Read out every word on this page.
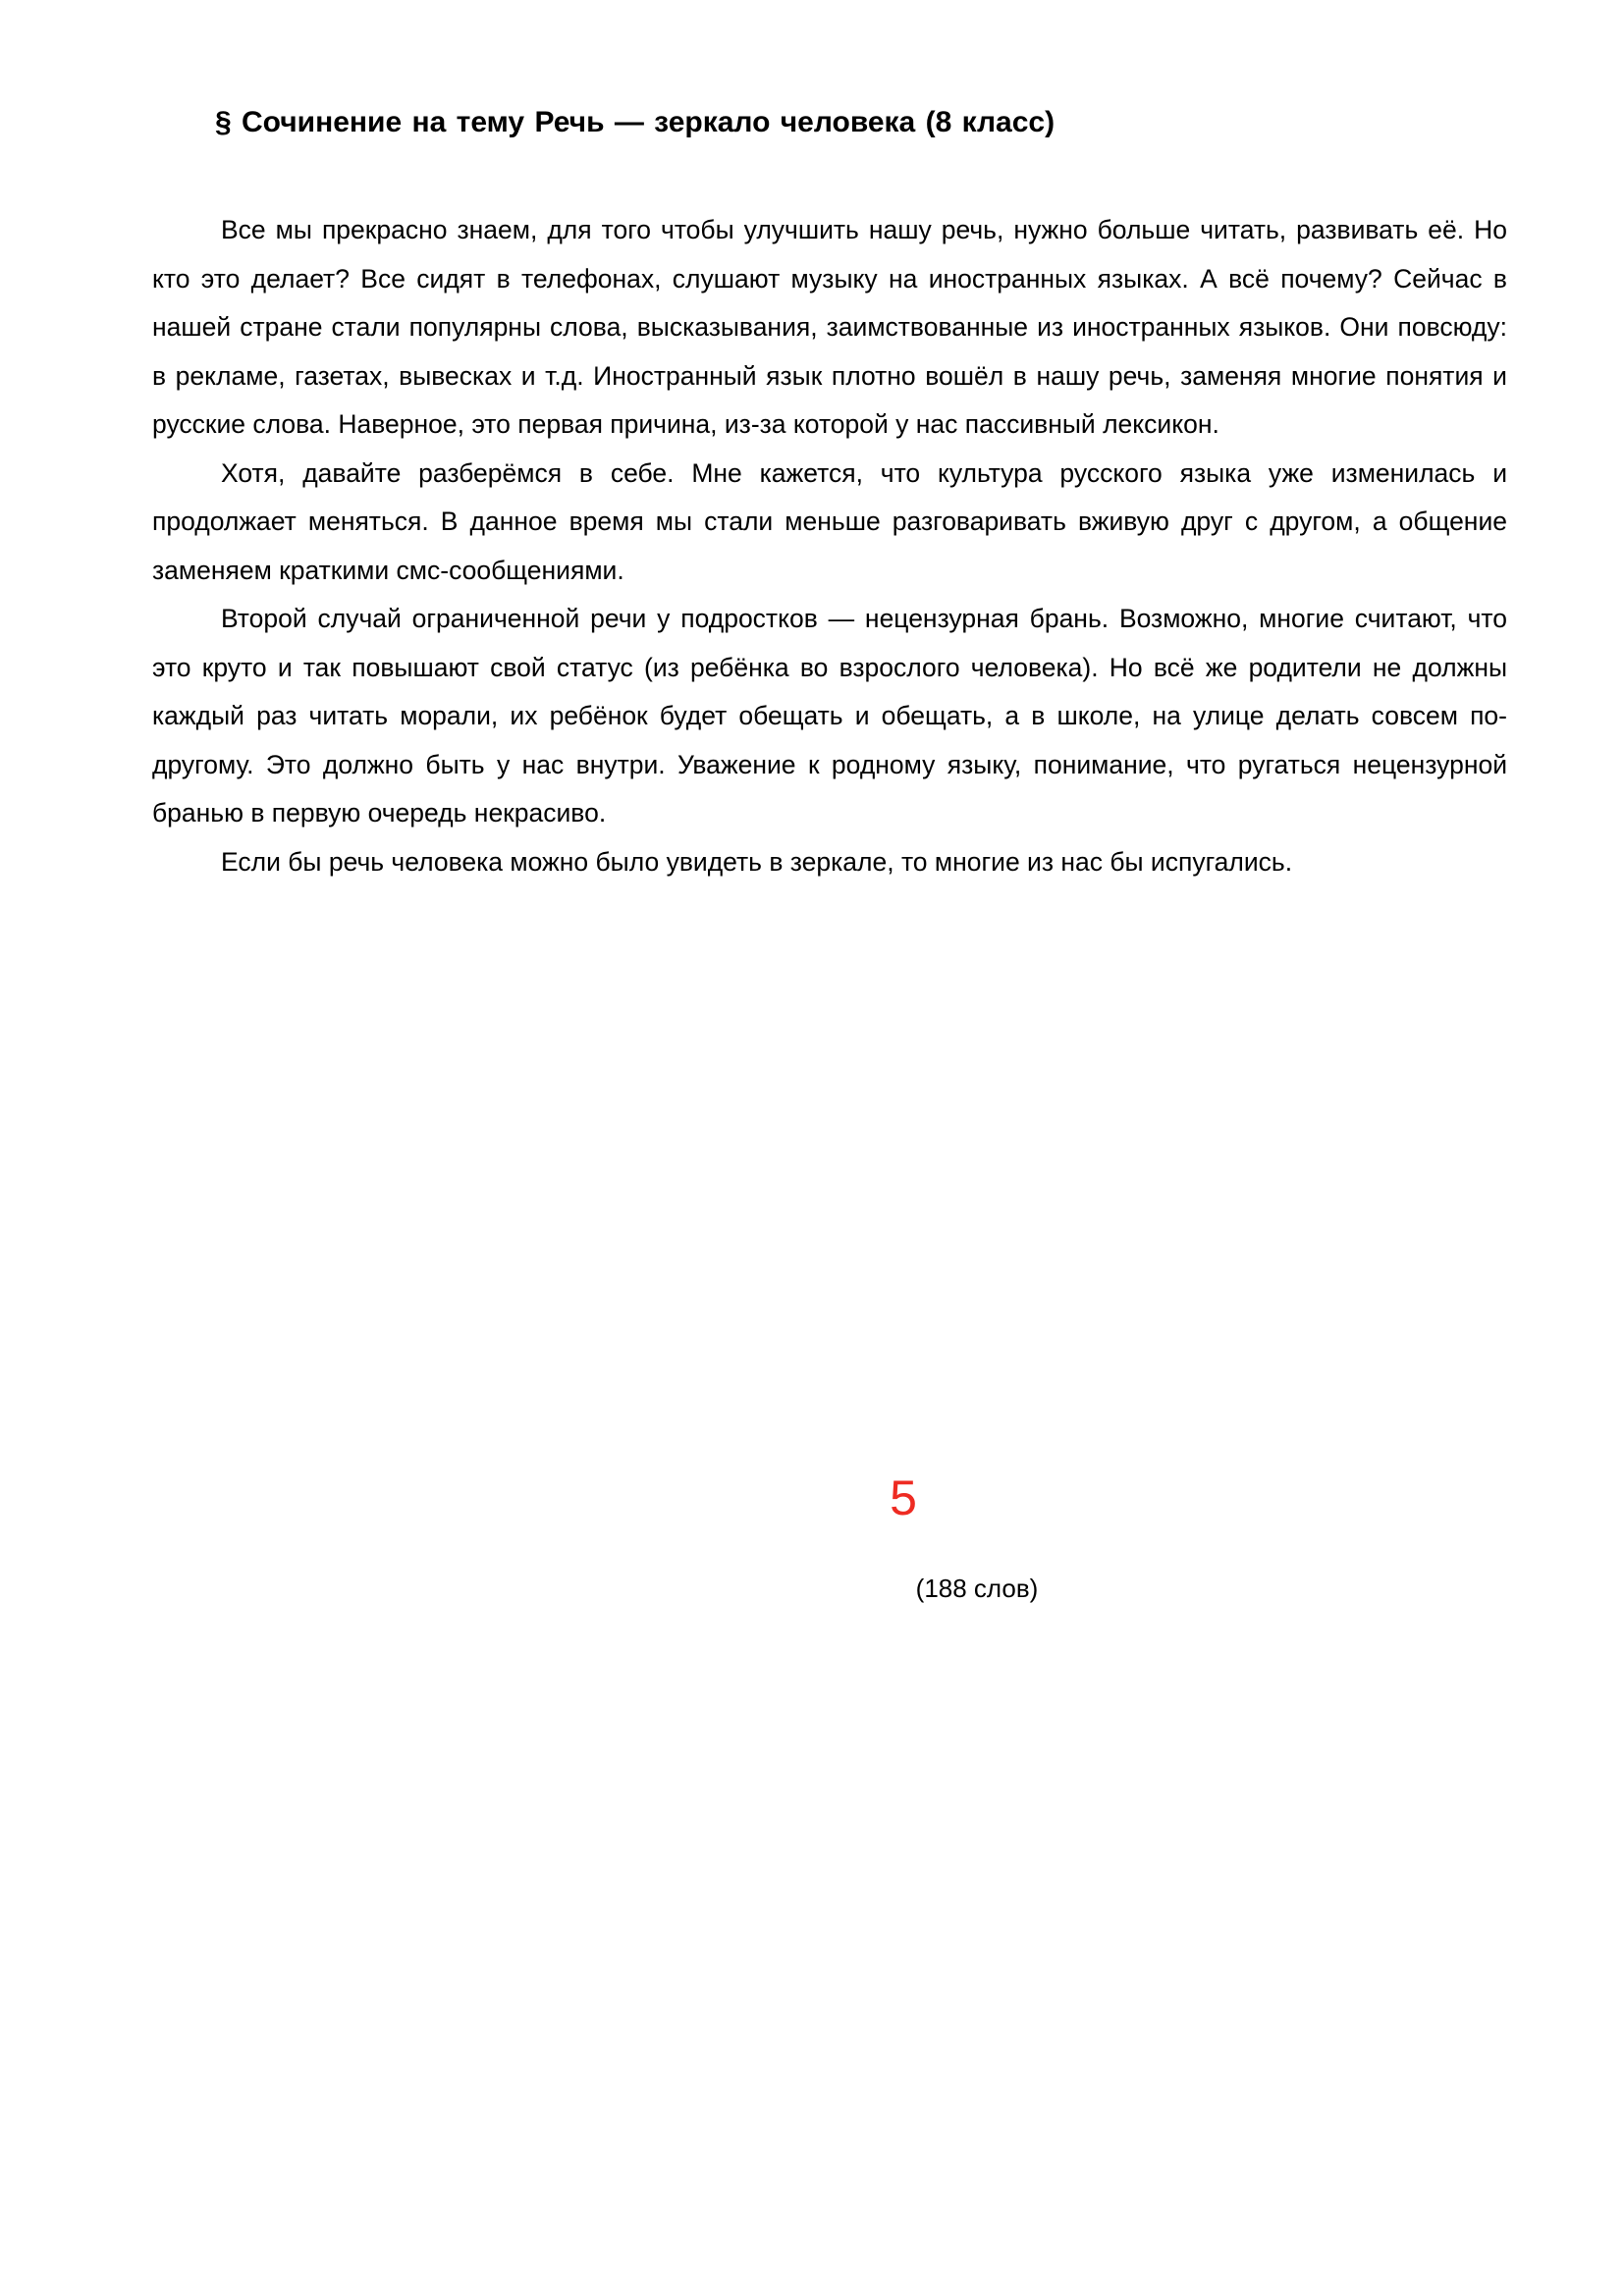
§ Сочинение на тему Речь — зеркало человека (8 класс)

Все мы прекрасно знаем, для того чтобы улучшить нашу речь, нужно больше читать, развивать её. Но кто это делает? Все сидят в телефонах, слушают музыку на иностранных языках. А всё почему? Сейчас в нашей стране стали популярны слова, высказывания, заимствованные из иностранных языков. Они повсюду: в рекламе, газетах, вывесках и т.д. Иностранный язык плотно вошёл в нашу речь, заменяя многие понятия и русские слова. Наверное, это первая причина, из-за которой у нас пассивный лексикон.

Хотя, давайте разберёмся в себе. Мне кажется, что культура русского языка уже изменилась и продолжает меняться. В данное время мы стали меньше разговаривать вживую друг с другом, а общение заменяем краткими смс-сообщениями.

Второй случай ограниченной речи у подростков — нецензурная брань. Возможно, многие считают, что это круто и так повышают свой статус (из ребёнка во взрослого человека). Но всё же родители не должны каждый раз читать морали, их ребёнок будет обещать и обещать, а в школе, на улице делать совсем по-другому. Это должно быть у нас внутри. Уважение к родному языку, понимание, что ругаться нецензурной бранью в первую очередь некрасиво.

Если бы речь человека можно было увидеть в зеркале, то многие из нас бы испугались.

5
(188 слов)
